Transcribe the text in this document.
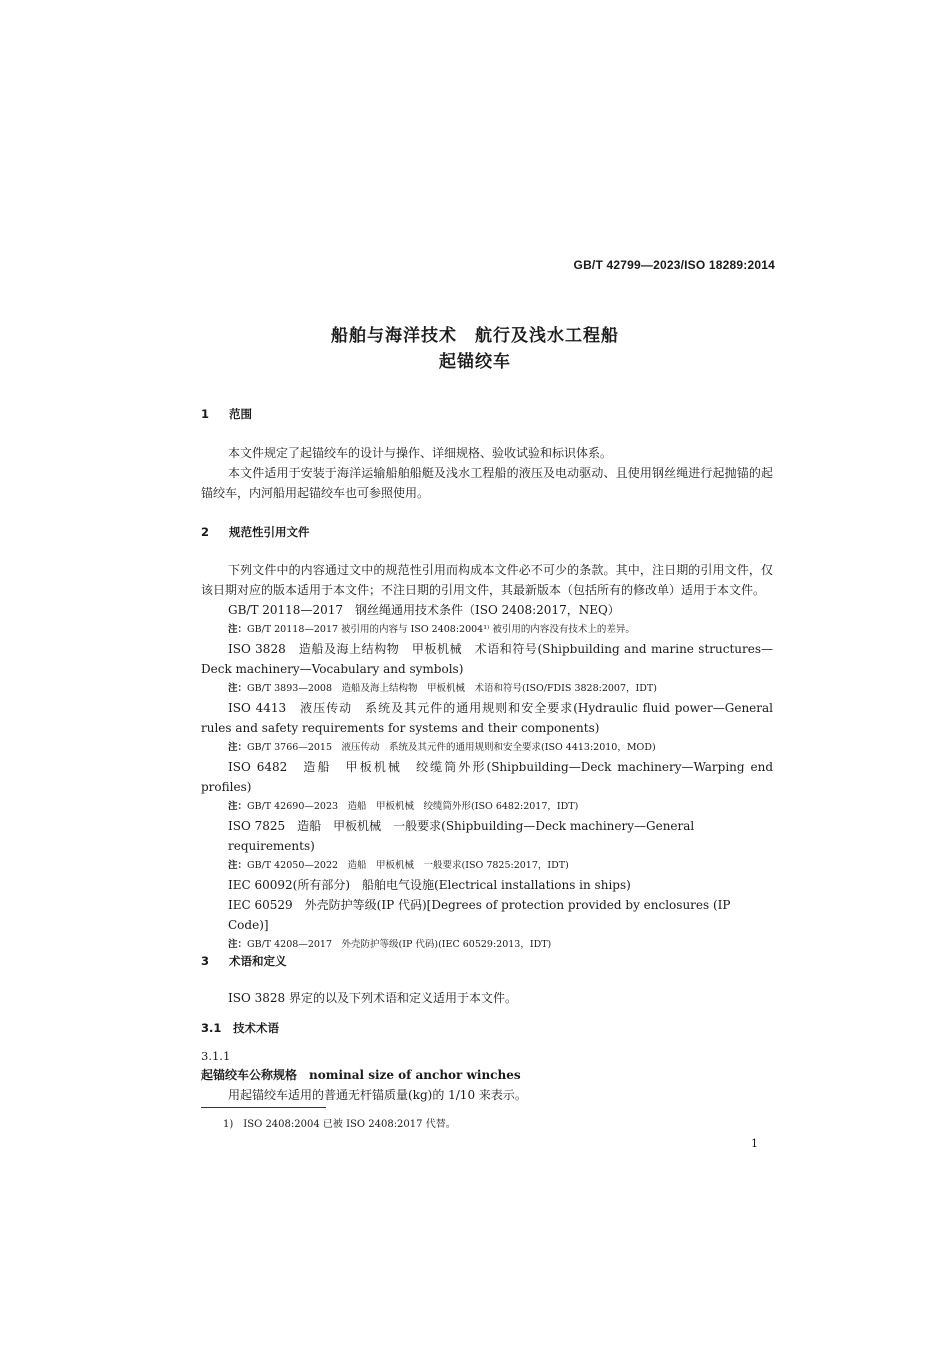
GB/T 42799—2023/ISO 18289:2014
船舶与海洋技术　航行及浅水工程船
起锚绞车
1 范围

本文件规定了起锚绞车的设计与操作、详细规格、验收试验和标识体系。

本文件适用于安装于海洋运输船舶船艇及浅水工程船的液压及电动驱动、且使用钢丝绳进行起抛锚的起锚绞车，内河船用起锚绞车也可参照使用。

2 规范性引用文件

下列文件中的内容通过文中的规范性引用而构成本文件必不可少的条款。其中，注日期的引用文件，仅该日期对应的版本适用于本文件；不注日期的引用文件，其最新版本（包括所有的修改单）适用于本文件。

GB/T 20118—2017　钢丝绳通用技术条件（ISO 2408:2017，NEQ）

注：GB/T 20118—2017 被引用的内容与 ISO 2408:2004¹⁾ 被引用的内容没有技术上的差异。

ISO 3828　造船及海上结构物　甲板机械　术语和符号(Shipbuilding and marine structures—Deck machinery—Vocabulary and symbols)

注：GB/T 3893—2008　造船及海上结构物　甲板机械　术语和符号(ISO/FDIS 3828:2007，IDT)

ISO 4413　液压传动　系统及其元件的通用规则和安全要求(Hydraulic fluid power—General rules and safety requirements for systems and their components)

注：GB/T 3766—2015　液压传动　系统及其元件的通用规则和安全要求(ISO 4413:2010，MOD)

ISO 6482　造船　甲板机械　绞缆筒外形(Shipbuilding—Deck machinery—Warping end profiles)

注：GB/T 42690—2023　造船　甲板机械　绞缆筒外形(ISO 6482:2017，IDT)

ISO 7825　造船　甲板机械　一般要求(Shipbuilding—Deck machinery—General requirements)

注：GB/T 42050—2022　造船　甲板机械　一般要求(ISO 7825:2017，IDT)

IEC 60092(所有部分)　船舶电气设施(Electrical installations in ships)

IEC 60529　外壳防护等级(IP 代码)[Degrees of protection provided by enclosures (IP Code)]

注：GB/T 4208—2017　外壳防护等级(IP 代码)(IEC 60529:2013，IDT)

3 术语和定义

ISO 3828 界定的以及下列术语和定义适用于本文件。

3.1 技术术语
3.1.1
起锚绞车公称规格 nominal size of anchor winches
用起锚绞车适用的普通无杆锚质量(kg)的 1/10 来表示。
1)　ISO 2408:2004 已被 ISO 2408:2017 代替。
1
